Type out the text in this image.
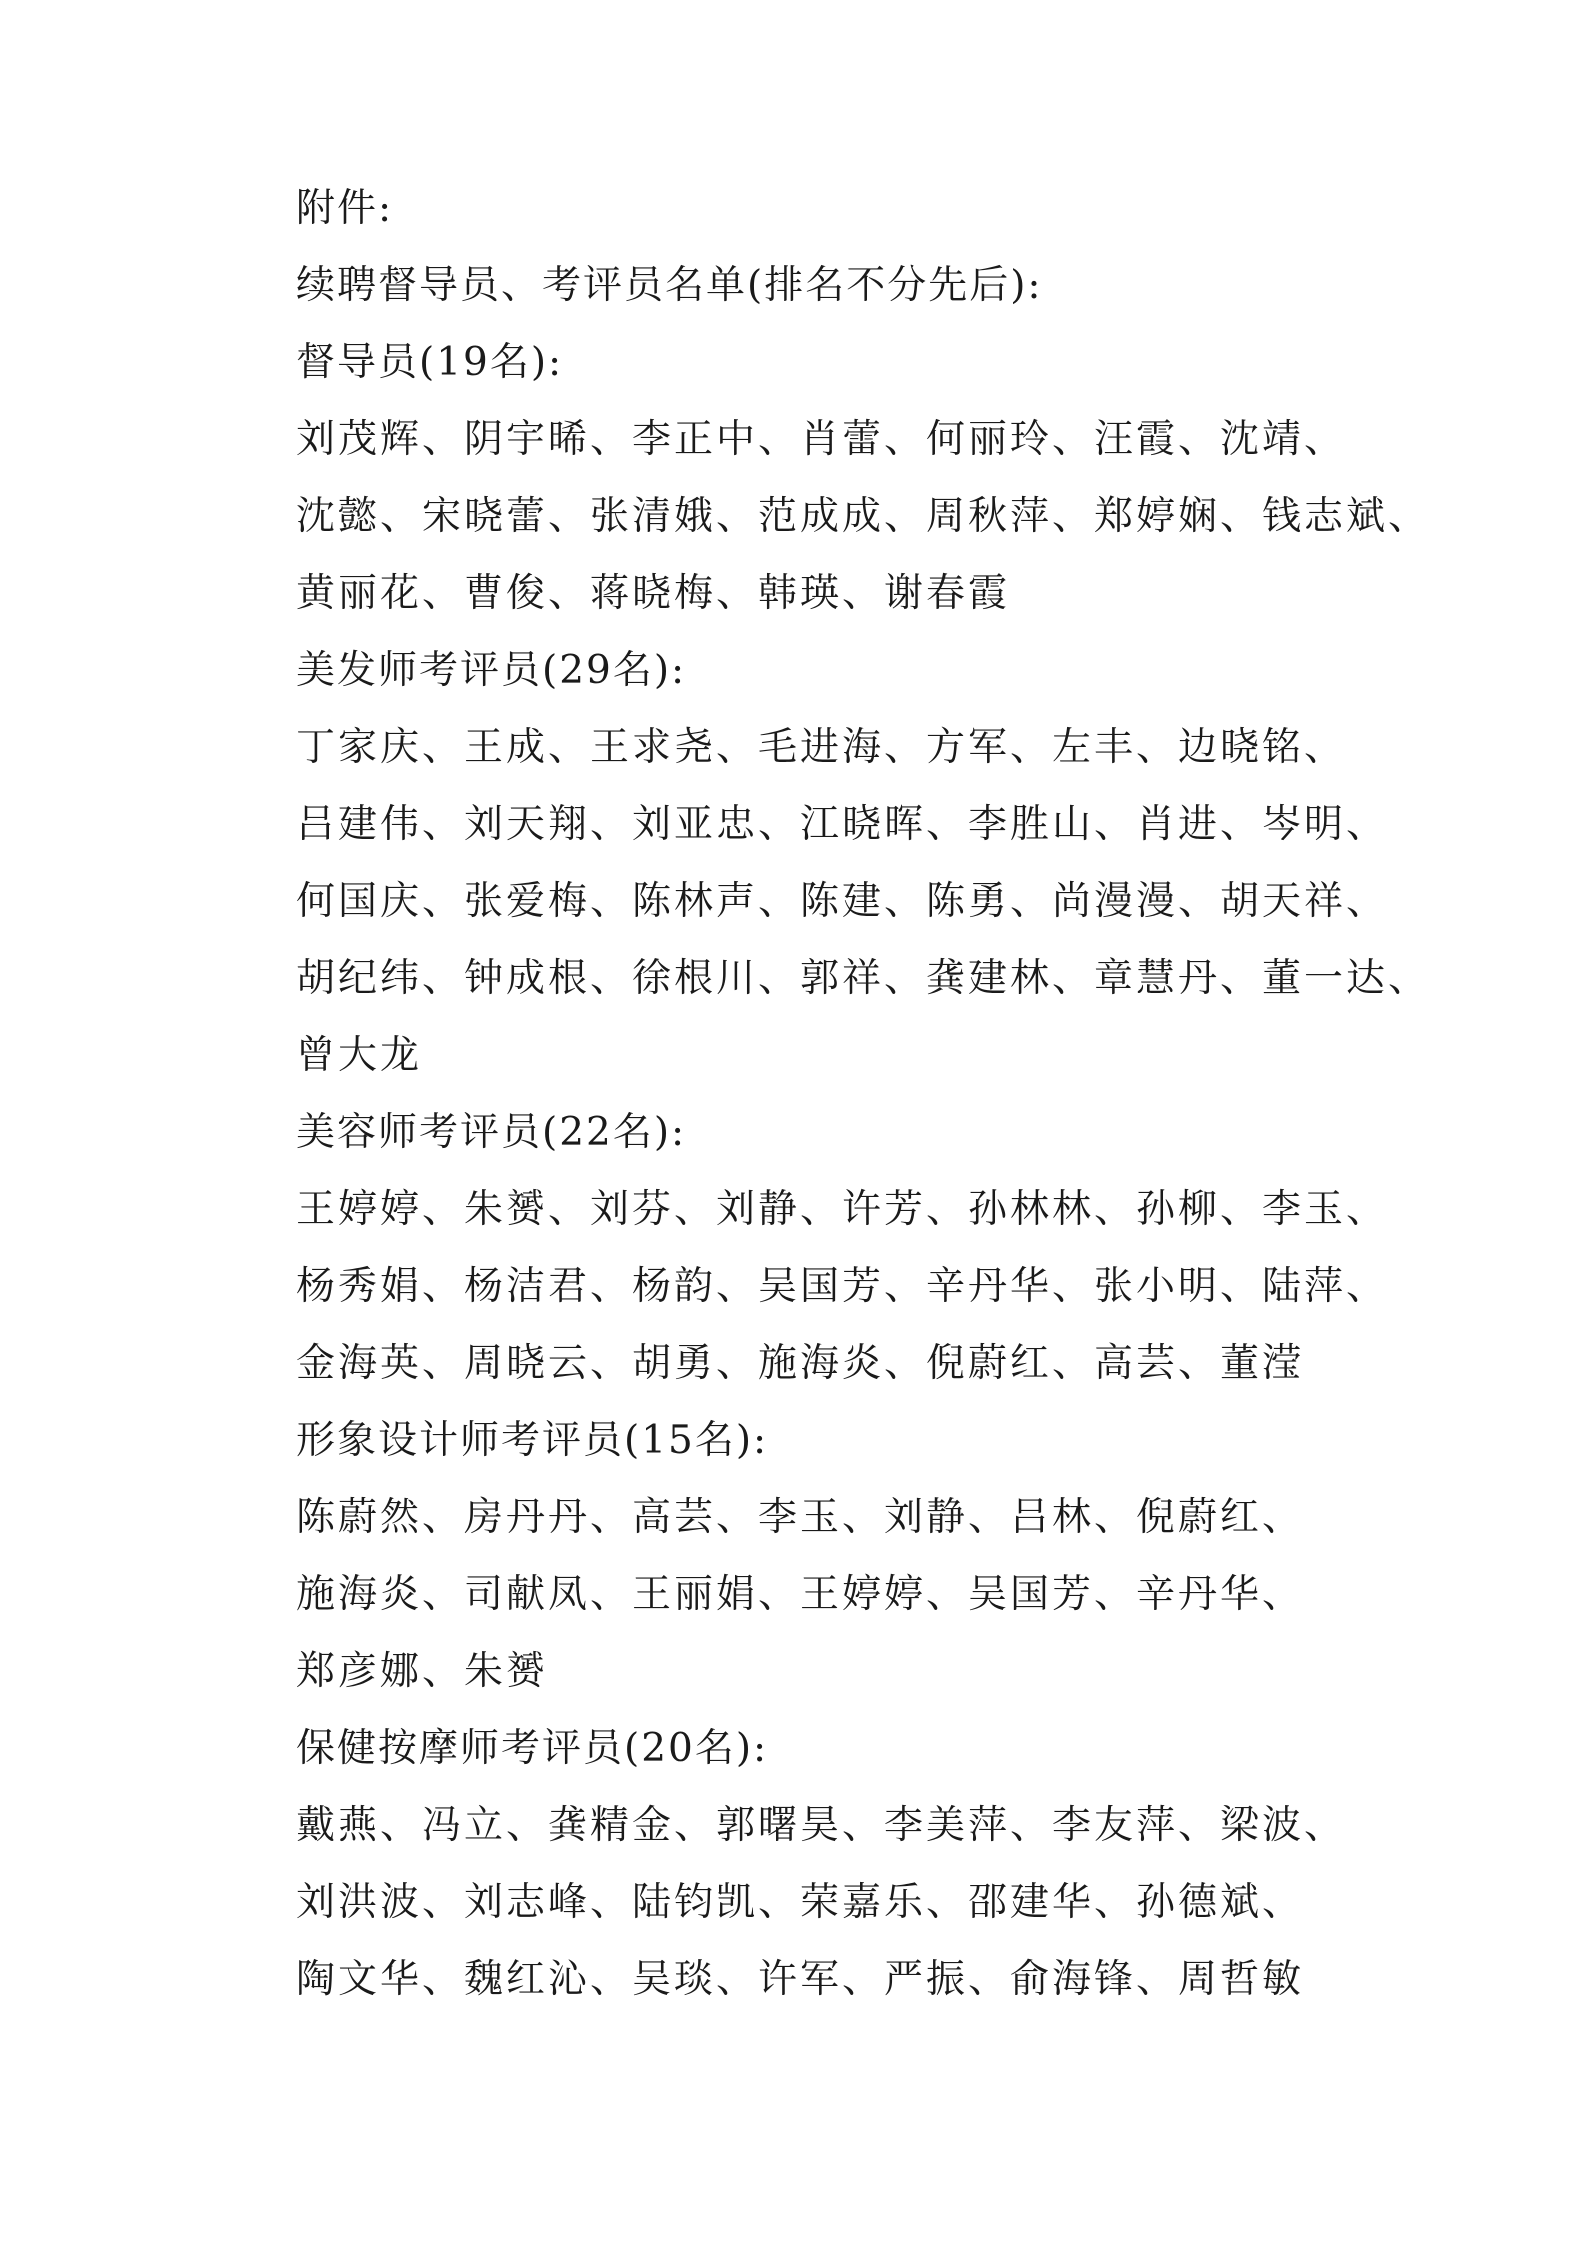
附件:
续聘督导员、考评员名单(排名不分先后):
督导员(19名):
刘茂辉、阴宇晞、李正中、肖蕾、何丽玲、汪霞、沈靖、
沈懿、宋晓蕾、张清娥、范成成、周秋萍、郑婷娴、钱志斌、
黄丽花、曹俊、蒋晓梅、韩瑛、谢春霞
美发师考评员(29名):
丁家庆、王成、王求尧、毛进海、方军、左丰、边晓铭、
吕建伟、刘天翔、刘亚忠、江晓晖、李胜山、肖进、岑明、
何国庆、张爱梅、陈林声、陈建、陈勇、尚漫漫、胡天祥、
胡纪纬、钟成根、徐根川、郭祥、龚建林、章慧丹、董一达、
曾大龙
美容师考评员(22名):
王婷婷、朱赟、刘芬、刘静、许芳、孙林林、孙柳、李玉、
杨秀娟、杨洁君、杨韵、吴国芳、辛丹华、张小明、陆萍、
金海英、周晓云、胡勇、施海炎、倪蔚红、高芸、董滢
形象设计师考评员(15名):
陈蔚然、房丹丹、高芸、李玉、刘静、吕林、倪蔚红、
施海炎、司献凤、王丽娟、王婷婷、吴国芳、辛丹华、
郑彦娜、朱赟
保健按摩师考评员(20名):
戴燕、冯立、龚精金、郭曙昊、李美萍、李友萍、梁波、
刘洪波、刘志峰、陆钧凯、荣嘉乐、邵建华、孙德斌、
陶文华、魏红沁、吴琰、许军、严振、俞海锋、周哲敏
